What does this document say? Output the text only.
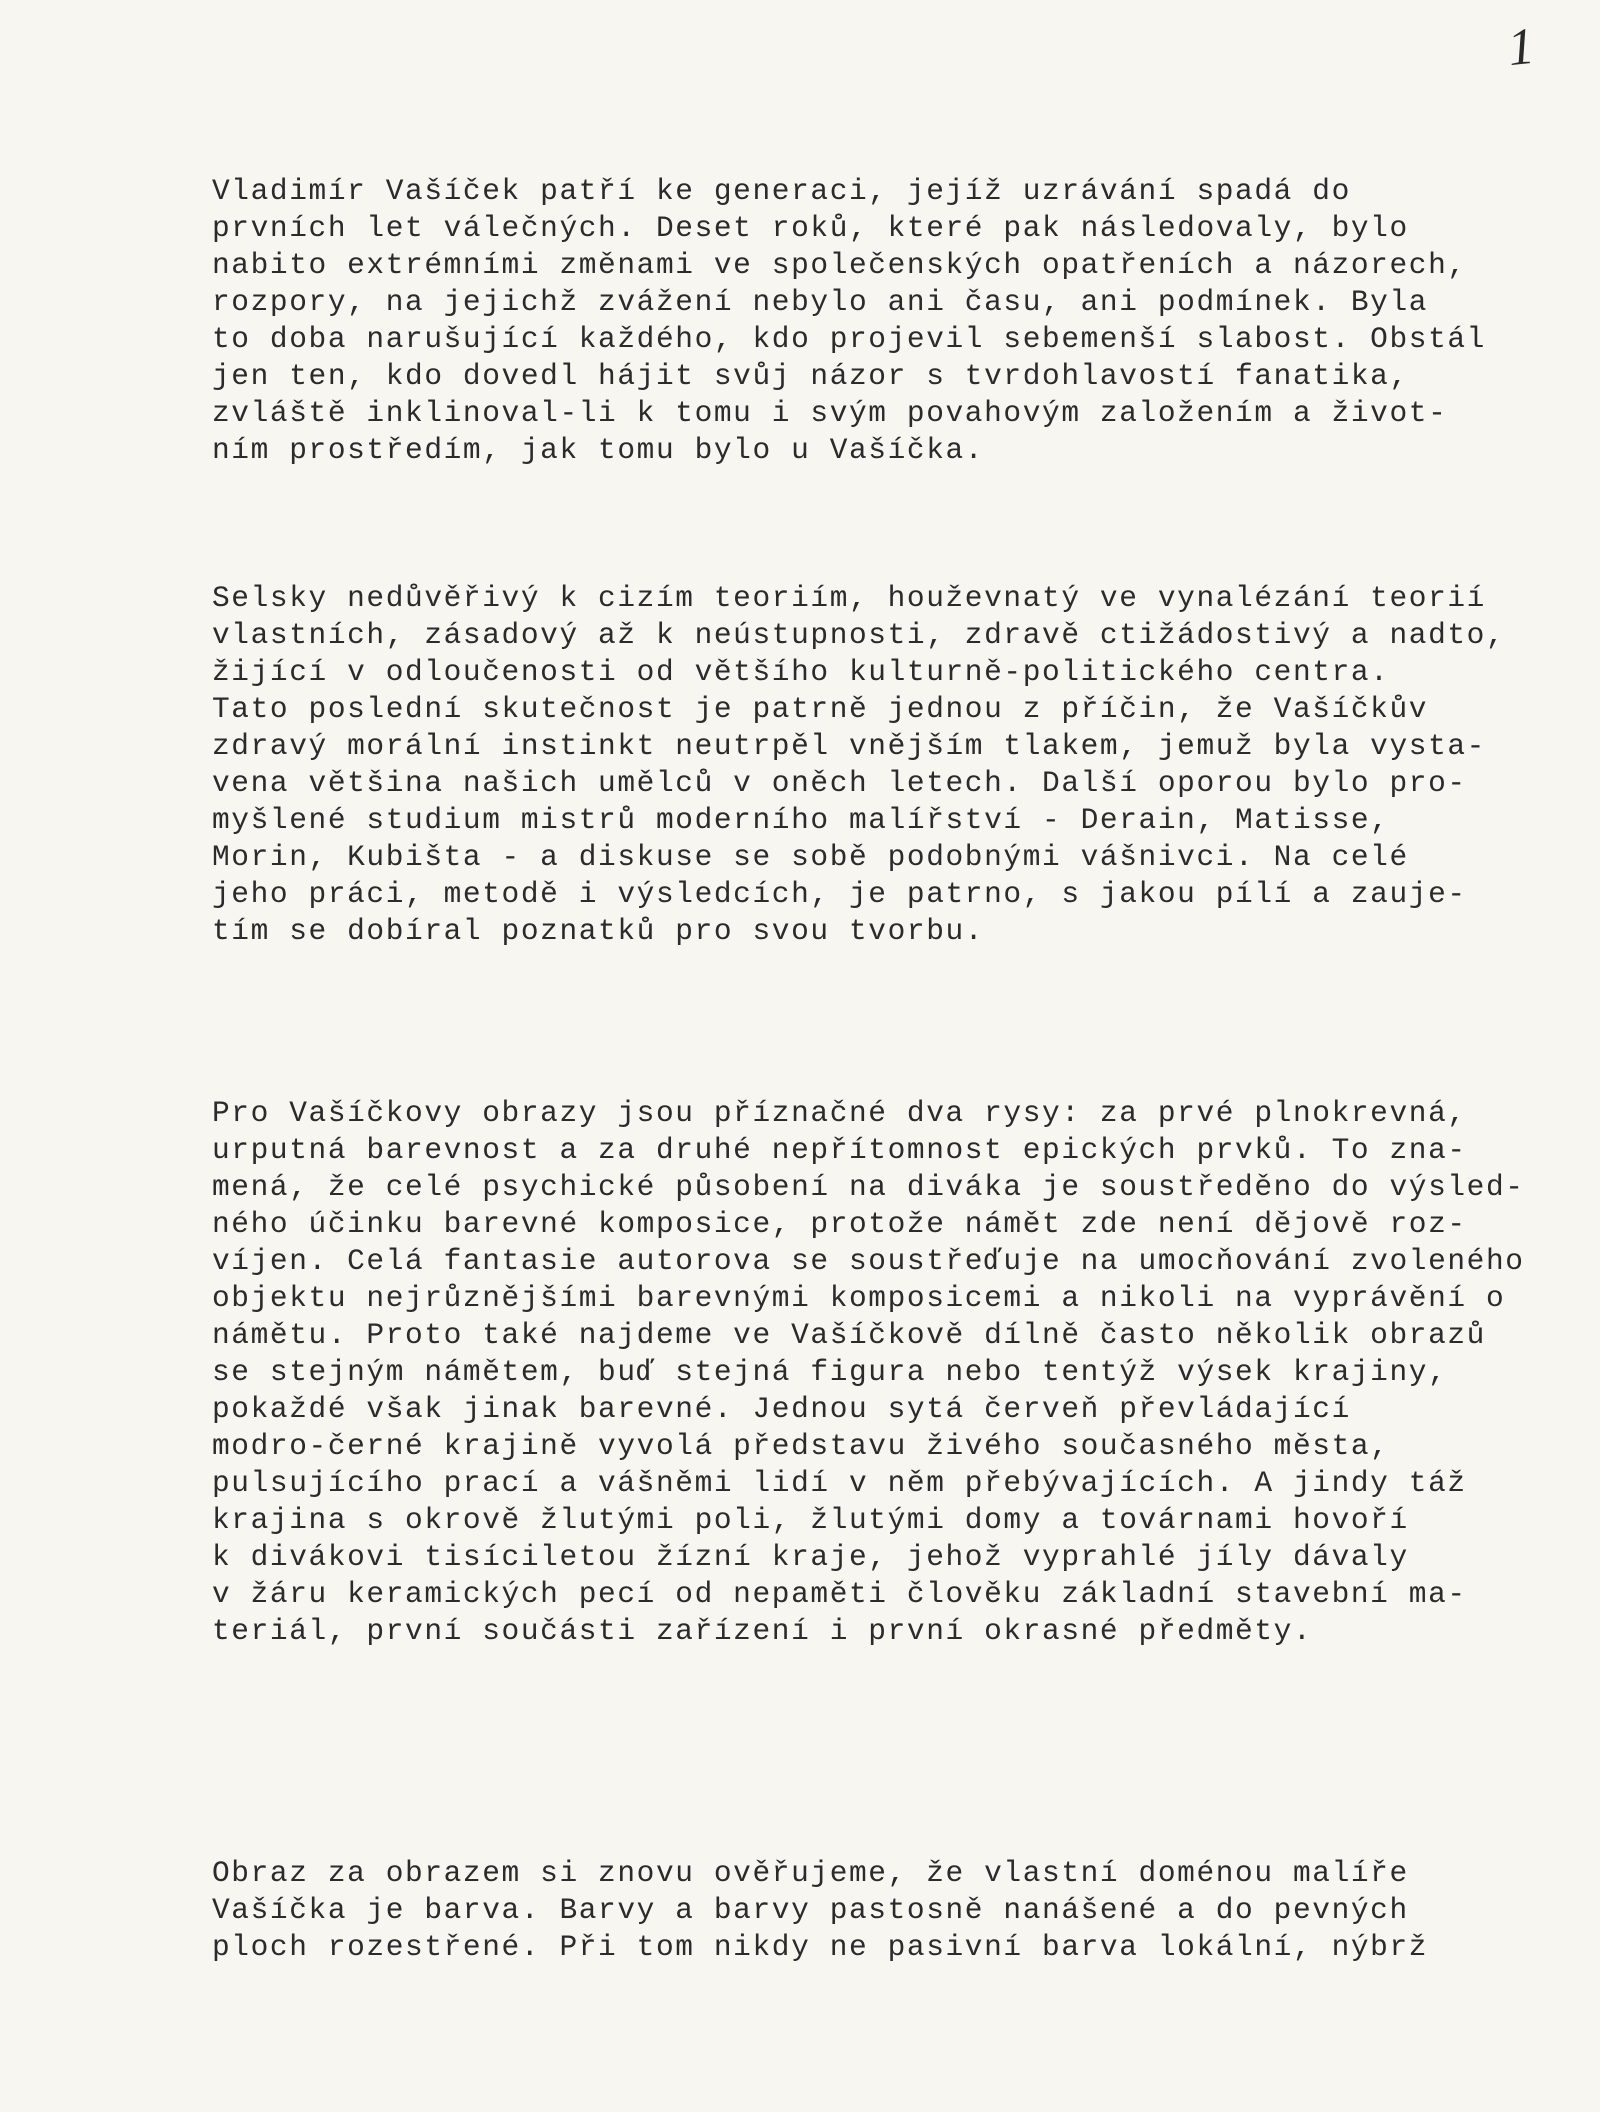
1
Vladimír Vašíček patří ke generaci, jejíž uzrávání spadá do
prvních let válečných. Deset roků, které pak následovaly, bylo
nabito extrémními změnami ve společenských opatřeních a názorech,
rozpory, na jejichž zvážení nebylo ani času, ani podmínek. Byla
to doba narušující každého, kdo projevil sebemenší slabost. Obstál
jen ten, kdo dovedl hájit svůj názor s tvrdohlavostí fanatika,
zvláště inklinoval-li k tomu i svým povahovým založením a život-
ním prostředím, jak tomu bylo u Vašíčka.
Selsky nedůvěřivý k cizím teoriím, houževnatý ve vynalézání teorií
vlastních, zásadový až k neústupnosti, zdravě ctižádostivý a nadto,
žijící v odloučenosti od většího kulturně-politického centra.
Tato poslední skutečnost je patrně jednou z příčin, že Vašíčkův
zdravý morální instinkt neutrpěl vnějším tlakem, jemuž byla vysta-
vena většina našich umělců v oněch letech. Další oporou bylo pro-
myšlené studium mistrů moderního malířství - Derain, Matisse,
Morin, Kubišta - a diskuse se sobě podobnými vášnivci. Na celé
jeho práci, metodě i výsledcích, je patrno, s jakou pílí a zauje-
tím se dobíral poznatků pro svou tvorbu.
Pro Vašíčkovy obrazy jsou příznačné dva rysy: za prvé plnokrevná,
urputná barevnost a za druhé nepřítomnost epických prvků. To zna-
mená, že celé psychické působení na diváka je soustředěno do výsled-
ného účinku barevné komposice, protože námět zde není dějově roz-
víjen. Celá fantasie autorova se soustřeďuje na umocňování zvoleného
objektu nejrůznějšími barevnými komposicemi a nikoli na vyprávění o
námětu. Proto také najdeme ve Vašíčkově dílně často několik obrazů
se stejným námětem, buď stejná figura nebo tentýž výsek krajiny,
pokaždé však jinak barevné. Jednou sytá červeň převládající
modro-černé krajině vyvolá představu živého současného města,
pulsujícího prací a vášněmi lidí v něm přebývajících. A jindy táž
krajina s okrově žlutými poli, žlutými domy a továrnami hovoří
k divákovi tisíciletou žízní kraje, jehož vyprahlé jíly dávaly
v žáru keramických pecí od nepaměti člověku základní stavební ma-
teriál, první součásti zařízení i první okrasné předměty.
Obraz za obrazem si znovu ověřujeme, že vlastní doménou malíře
Vašíčka je barva. Barvy a barvy pastosně nanášené a do pevných
ploch rozestřené. Při tom nikdy ne pasivní barva lokální, nýbrž
